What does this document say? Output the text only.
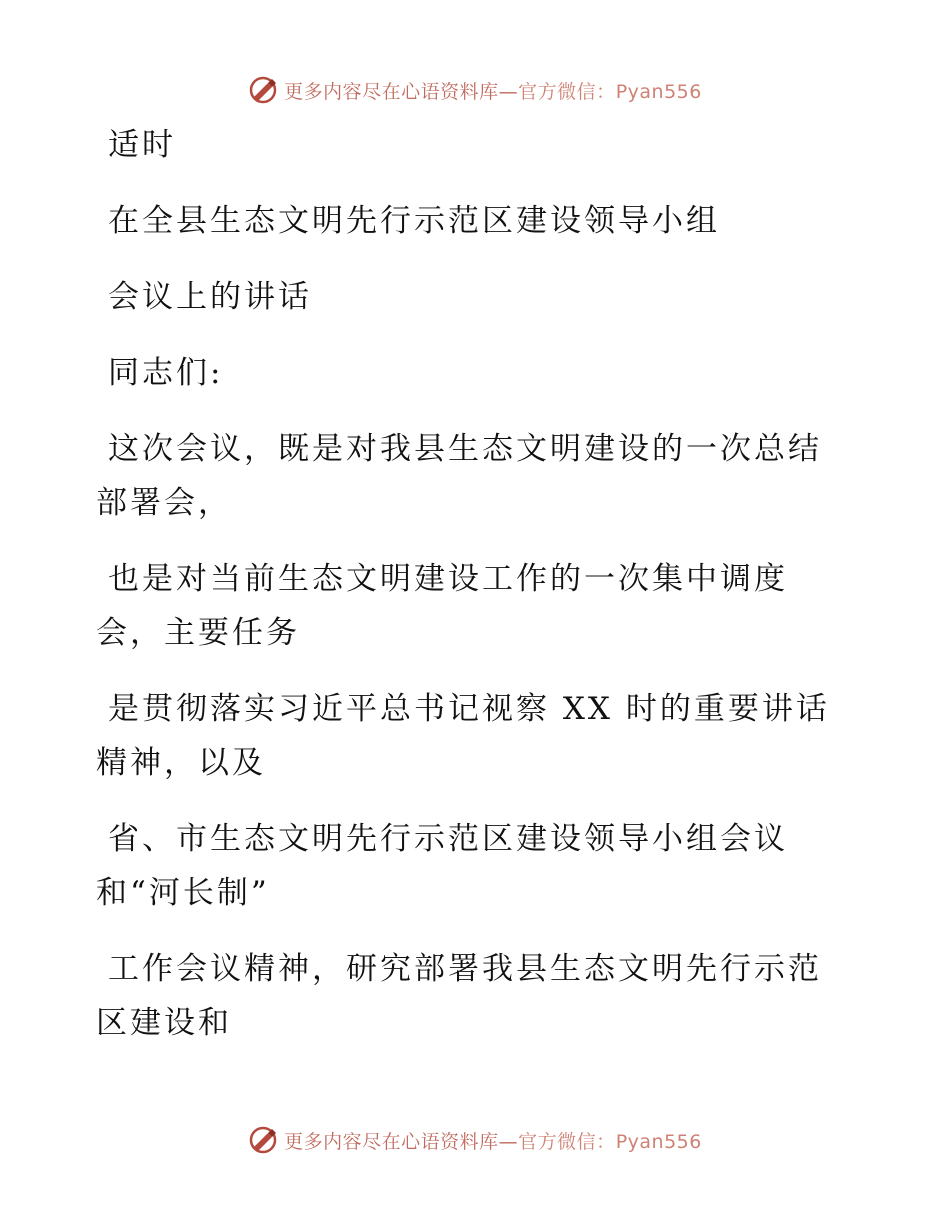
更多内容尽在心语资料库—官方微信：Pyan556

适时

在全县生态文明先行示范区建设领导小组

会议上的讲话

同志们:

这次会议，既是对我县生态文明建设的一次总结
部署会，

也是对当前生态文明建设工作的一次集中调度
会，主要任务

是贯彻落实习近平总书记视察 XX 时的重要讲话
精神，以及

省、市生态文明先行示范区建设领导小组会议
和“河长制”

工作会议精神，研究部署我县生态文明先行示范
区建设和

更多内容尽在心语资料库—官方微信：Pyan556
